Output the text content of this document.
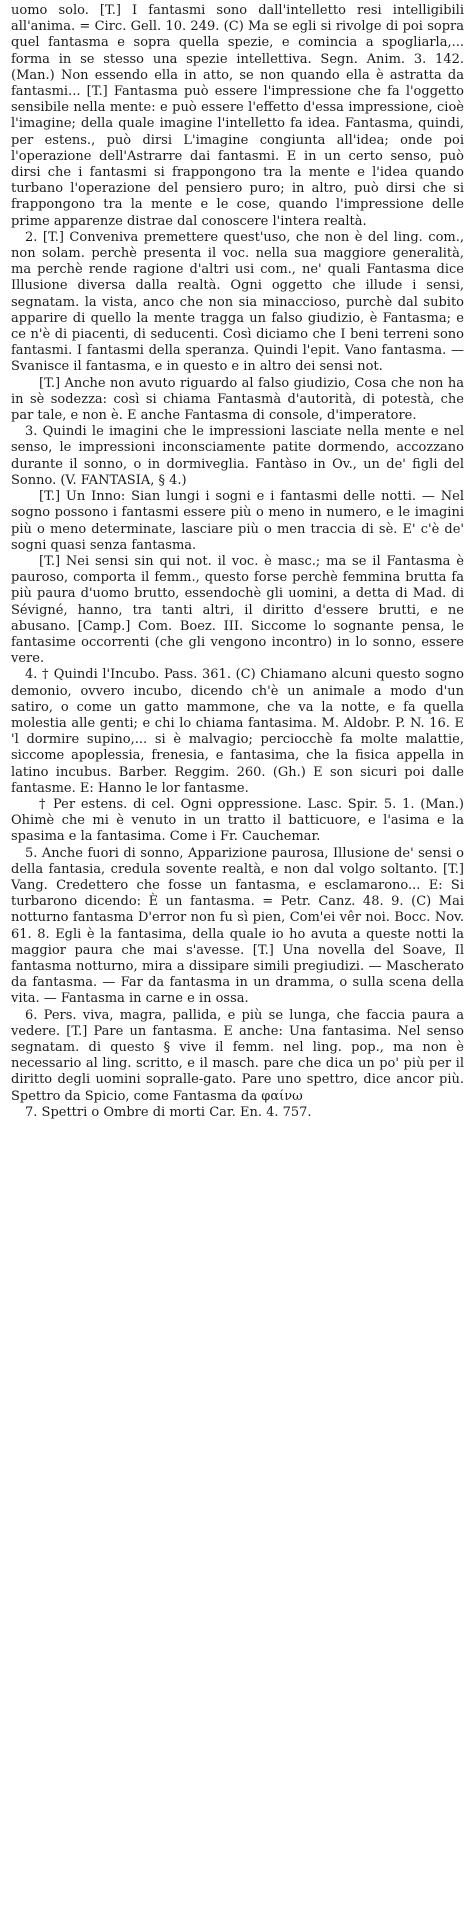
uomo solo. [T.] I fantasmi sono dall'intelletto resi intelligibili all'anima. = Circ. Gell. 10. 249. (C) Ma se egli si rivolge di poi sopra quel fantasma e sopra quella spezie, e comincia a spogliarla,... forma in se stesso una spezie intellettiva. Segn. Anim. 3. 142. (Man.) Non essendo ella in atto, se non quando ella è astratta da fantasmi... [T.] Fantasma può essere l'impressione che fa l'oggetto sensibile nella mente: e può essere l'effetto d'essa impressione, cioè l'imagine; della quale imagine l'intelletto fa idea. Fantasma, quindi, per estens., può dirsi L'imagine congiunta all'idea; onde poi l'operazione dell'Astrarre dai fantasmi. E in un certo senso, può dirsi che i fantasmi si frappongono tra la mente e l'idea quando turbano l'operazione del pensiero puro; in altro, può dirsi che si frappongono tra la mente e le cose, quando l'impressione delle prime apparenze distrae dal conoscere l'intera realtà.

2. [T.] Conveniva premettere quest'uso, che non è del ling. com., non solam. perchè presenta il voc. nella sua maggiore generalità, ma perchè rende ragione d'altri usi com., ne' quali Fantasma dice Illusione diversa dalla realtà. Ogni oggetto che illude i sensi, segnatam. la vista, anco che non sia minaccioso, purchè dal subito apparire di quello la mente tragga un falso giudizio, è Fantasma; e ce n'è di piacenti, di seducenti. Così diciamo che I beni terreni sono fantasmi. I fantasmi della speranza. Quindi l'epit. Vano fantasma. — Svanisce il fantasma, e in questo e in altro dei sensi not.

[T.] Anche non avuto riguardo al falso giudizio, Cosa che non ha in sè sodezza: così si chiama Fantasmà d'autorità, di potestà, che par tale, e non è. E anche Fantasma di console, d'imperatore.

3. Quindi le imagini che le impressioni lasciate nella mente e nel senso, le impressioni inconsciamente patite dormendo, accozzano durante il sonno, o in dormiveglia. Fantàso in Ov., un de' figli del Sonno. (V. FANTASIA, § 4.)

[T.] Un Inno: Sian lungi i sogni e i fantasmi delle notti. — Nel sogno possono i fantasmi essere più o meno in numero, e le imagini più o meno determinate, lasciare più o men traccia di sè. E' c'è de' sogni quasi senza fantasma.

[T.] Nei sensi sin qui not. il voc. è masc.; ma se il Fantasma è pauroso, comporta il femm., questo forse perchè femmina brutta fa più paura d'uomo brutto, essendochè gli uomini, a detta di Mad. di Sévigné, hanno, tra tanti altri, il diritto d'essere brutti, e ne abusano. [Camp.] Com. Boez. III. Siccome lo sognante pensa, le fantasime occorrenti (che gli vengono incontro) in lo sonno, essere vere.

4. † Quindi l'Incubo. Pass. 361. (C) Chiamano alcuni questo sogno demonio, ovvero incubo, dicendo ch'è un animale a modo d'un satiro, o come un gatto mammone, che va la notte, e fa quella molestia alle genti; e chi lo chiama fantasima. M. Aldobr. P. N. 16. E 'l dormire supino,... si è malvagio; perciocchè fa molte malattie, siccome apoplessia, frenesia, e fantasima, che la fisica appella in latino incubus. Barber. Reggim. 260. (Gh.) E son sicuri poi dalle fantasme. E: Hanno le lor fantasme.

† Per estens. di cel. Ogni oppressione. Lasc. Spir. 5. 1. (Man.) Ohimè che mi è venuto in un tratto il batticuore, e l'asima e la spasima e la fantasima. Come i Fr. Cauchemar.

5. Anche fuori di sonno, Apparizione paurosa, Illusione de' sensi o della fantasia, credula sovente realtà, e non dal volgo soltanto. [T.] Vang. Credettero che fosse un fantasma, e esclamarono... E: Si turbarono dicendo: È un fantasma. = Petr. Canz. 48. 9. (C) Mai notturno fantasma D'error non fu sì pien, Com'ei vêr noi. Bocc. Nov. 61. 8. Egli è la fantasima, della quale io ho avuta a queste notti la maggior paura che mai s'avesse. [T.] Una novella del Soave, Il fantasma notturno, mira a dissipare simili pregiudizi. — Mascherato da fantasma. — Far da fantasma in un dramma, o sulla scena della vita. — Fantasma in carne e in ossa.

6. Pers. viva, magra, pallida, e più se lunga, che faccia paura a vedere. [T.] Pare un fantasma. E anche: Una fantasima. Nel senso segnatam. di questo § vive il femm. nel ling. pop., ma non è necessario al ling. scritto, e il masch. pare che dica un po' più per il diritto degli uomini sopralle-gato. Pare uno spettro, dice ancor più. Spettro da Spicio, come Fantasma da φαίνω

7. Spettri o Ombre di morti Car. En. 4. 757.
